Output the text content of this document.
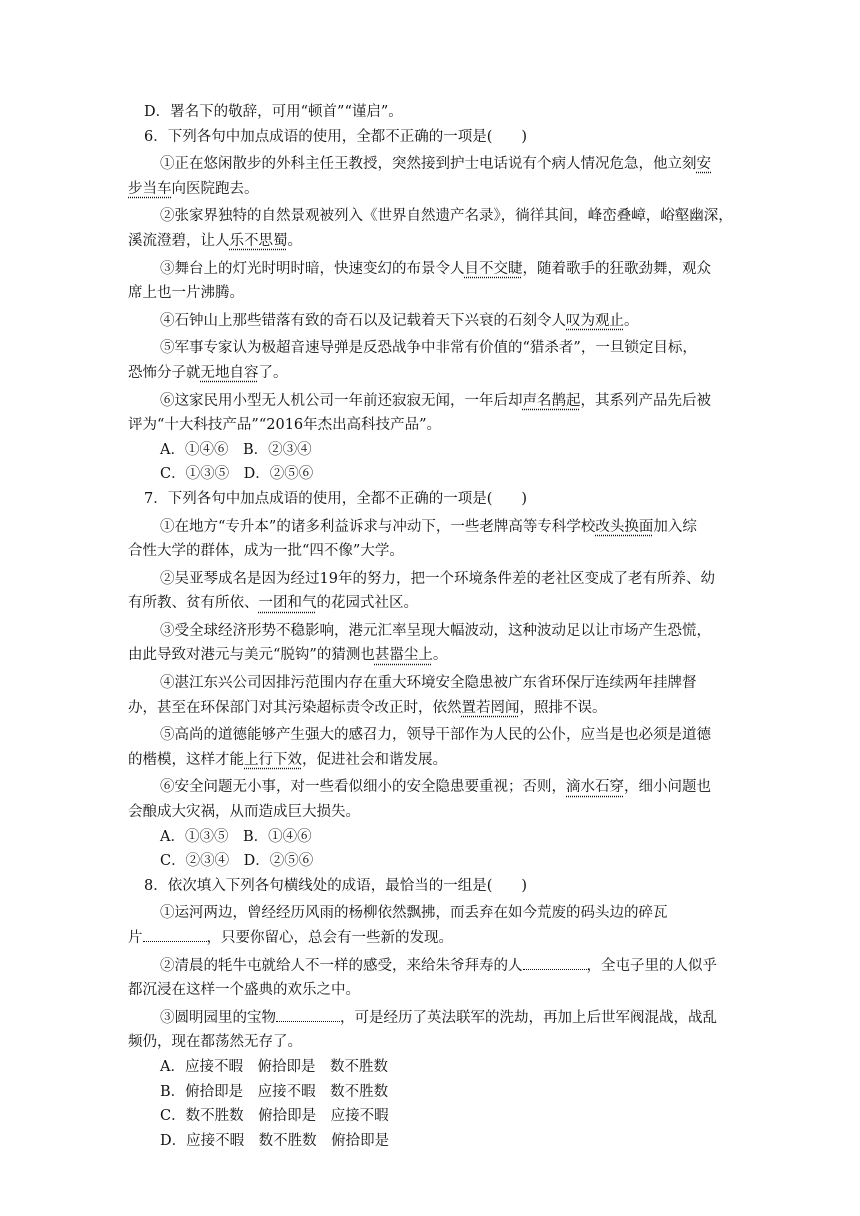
D．署名下的敬辞，可用“顿首”“谨启”。
6．下列各句中加点成语的使用，全都不正确的一项是(　　)
①正在悠闲散步的外科主任王教授，突然接到护士电话说有个病人情况危急，他立刻安
步当车向医院跑去。
②张家界独特的自然景观被列入《世界自然遗产名录》，徜徉其间，峰峦叠嶂，峪壑幽深，
溪流澄碧，让人乐不思蜀。
③舞台上的灯光时明时暗，快速变幻的布景令人目不交睫，随着歌手的狂歌劲舞，观众
席上也一片沸腾。
④石钟山上那些错落有致的奇石以及记载着天下兴衰的石刻令人叹为观止。
⑤军事专家认为极超音速导弹是反恐战争中非常有价值的“猎杀者”，一旦锁定目标，
恐怖分子就无地自容了。
⑥这家民用小型无人机公司一年前还寂寂无闻，一年后却声名鹊起，其系列产品先后被
评为“十大科技产品”“2016年杰出高科技产品”。
A．①④⑥　B．②③④
C．①③⑤　D．②⑤⑥
7．下列各句中加点成语的使用，全都不正确的一项是(　　)
①在地方“专升本”的诸多利益诉求与冲动下，一些老牌高等专科学校改头换面加入综
合性大学的群体，成为一批“四不像”大学。
②吴亚琴成名是因为经过19年的努力，把一个环境条件差的老社区变成了老有所养、幼
有所教、贫有所依、一团和气的花园式社区。
③受全球经济形势不稳影响，港元汇率呈现大幅波动，这种波动足以让市场产生恐慌，
由此导致对港元与美元“脱钩”的猜测也甚嚣尘上。
④湛江东兴公司因排污范围内存在重大环境安全隐患被广东省环保厅连续两年挂牌督
办，甚至在环保部门对其污染超标责令改正时，依然置若罔闻，照排不误。
⑤高尚的道德能够产生强大的感召力，领导干部作为人民的公仆，应当是也必须是道德
的楷模，这样才能上行下效，促进社会和谐发展。
⑥安全问题无小事，对一些看似细小的安全隐患要重视；否则，滴水石穿，细小问题也
会酿成大灾祸，从而造成巨大损失。
A．①③⑤　B．①④⑥
C．②③④　D．②⑤⑥
8．依次填入下列各句横线处的成语，最恰当的一组是(　　)
①运河两边，曾经经历风雨的杨柳依然飘拂，而丢弃在如今荒废的码头边的碎瓦
片	，只要你留心，总会有一些新的发现。
②清晨的牦牛屯就给人不一样的感受，来给朱爷拜寿的人	，全屯子里的人似乎
都沉浸在这样一个盛典的欢乐之中。
③圆明园里的宝物	，可是经历了英法联军的洗劫，再加上后世军阀混战，战乱
频仍，现在都荡然无存了。
A．应接不暇　俯拾即是　数不胜数
B．俯拾即是　应接不暇　数不胜数
C．数不胜数　俯拾即是　应接不暇
D．应接不暇　数不胜数　俯拾即是
